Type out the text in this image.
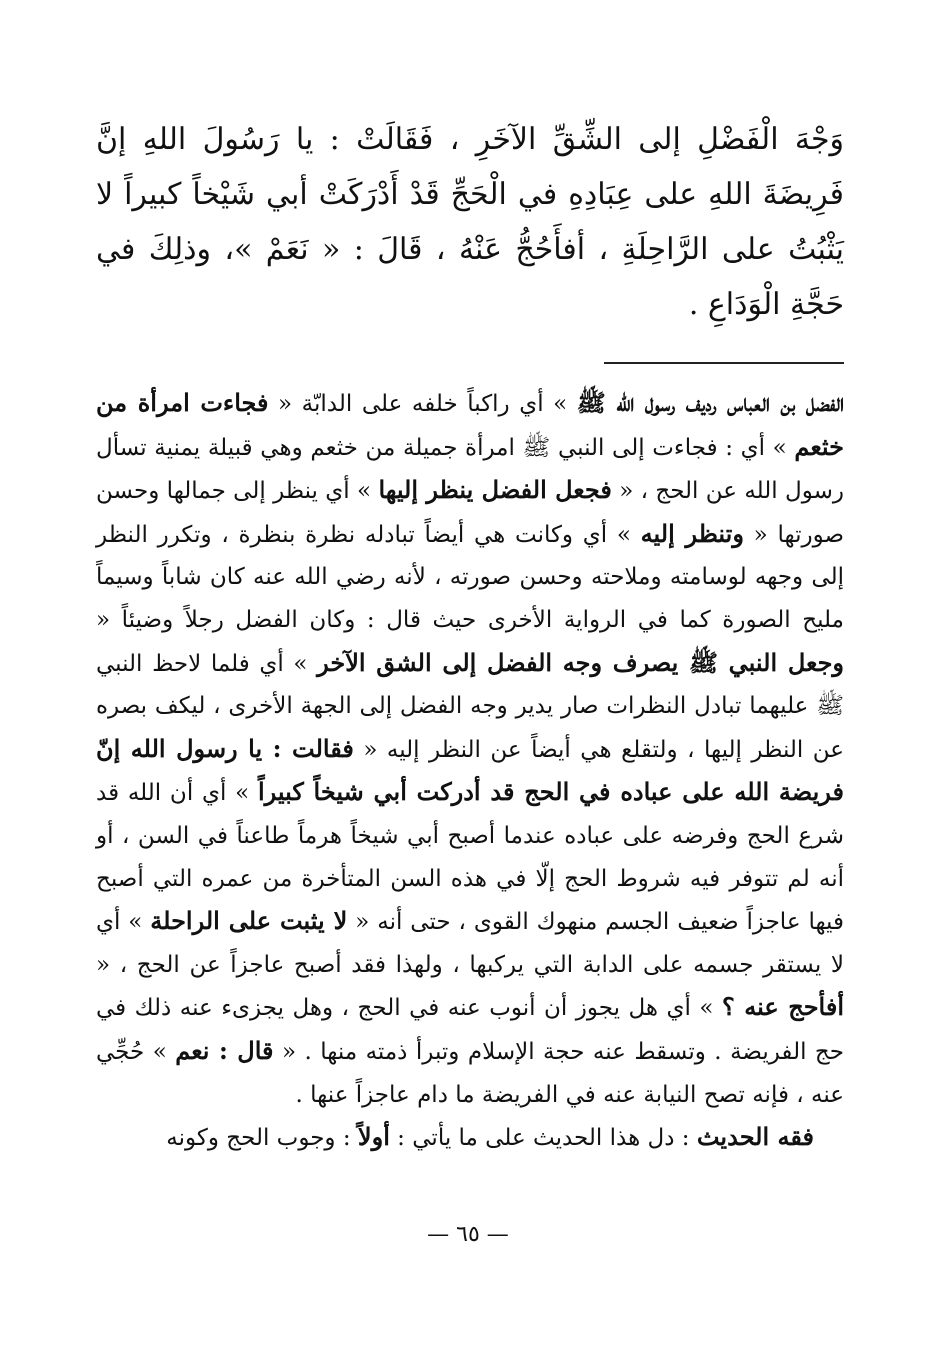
وَجْهَ الْفَضْلِ إلى الشِّقِّ الآخَرِ ، فَقَالَتْ : يا رَسُولَ اللهِ إنَّ فَرِيضَةَ اللهِ على عِبَادِهِ في الْحَجِّ قَدْ أَدْرَكَتْ أبي شَيْخاً كبيراً لا يَثْبُتُ على الرَّاحِلَةِ ، أفأَحُجُّ عَنْهُ ، قَالَ : « نَعَمْ »، وذلِكَ في حَجَّةِ الْوَدَاعِ .

الفضل بن العباس رديف رسول الله ﷺ » أي راكباً خلفه على الدابّة « فجاءت امرأة من خثعم » أي : فجاءت إلى النبي ﷺ امرأة جميلة من خثعم وهي قبيلة يمنية تسأل رسول الله عن الحج ، « فجعل الفضل ينظر إليها » أي ينظر إلى جمالها وحسن صورتها « وتنظر إليه » أي وكانت هي أيضاً تبادله نظرة بنظرة ، وتكرر النظر إلى وجهه لوسامته وملاحته وحسن صورته ، لأنه رضي الله عنه كان شاباً وسيماً مليح الصورة كما في الرواية الأخرى حيث قال : وكان الفضل رجلاً وضيئاً « وجعل النبي ﷺ يصرف وجه الفضل إلى الشق الآخر » أي فلما لاحظ النبي ﷺ عليهما تبادل النظرات صار يدير وجه الفضل إلى الجهة الأخرى ، ليكف بصره عن النظر إليها ، ولتقلع هي أيضاً عن النظر إليه « فقالت : يا رسول الله إنّ فريضة الله على عباده في الحج قد أدركت أبي شيخاً كبيراً » أي أن الله قد شرع الحج وفرضه على عباده عندما أصبح أبي شيخاً هرماً طاعناً في السن ، أو أنه لم تتوفر فيه شروط الحج إلّا في هذه السن المتأخرة من عمره التي أصبح فيها عاجزاً ضعيف الجسم منهوك القوى ، حتى أنه « لا يثبت على الراحلة » أي لا يستقر جسمه على الدابة التي يركبها ، ولهذا فقد أصبح عاجزاً عن الحج ، « أفأحج عنه ؟ » أي هل يجوز أن أنوب عنه في الحج ، وهل يجزىء عنه ذلك في حج الفريضة . وتسقط عنه حجة الإسلام وتبرأ ذمته منها . « قال : نعم » حُجِّي عنه ، فإنه تصح النيابة عنه في الفريضة ما دام عاجزاً عنها .

فقه الحديث : دل هذا الحديث على ما يأتي : أولاً : وجوب الحج وكونه

— ٦٥ —
